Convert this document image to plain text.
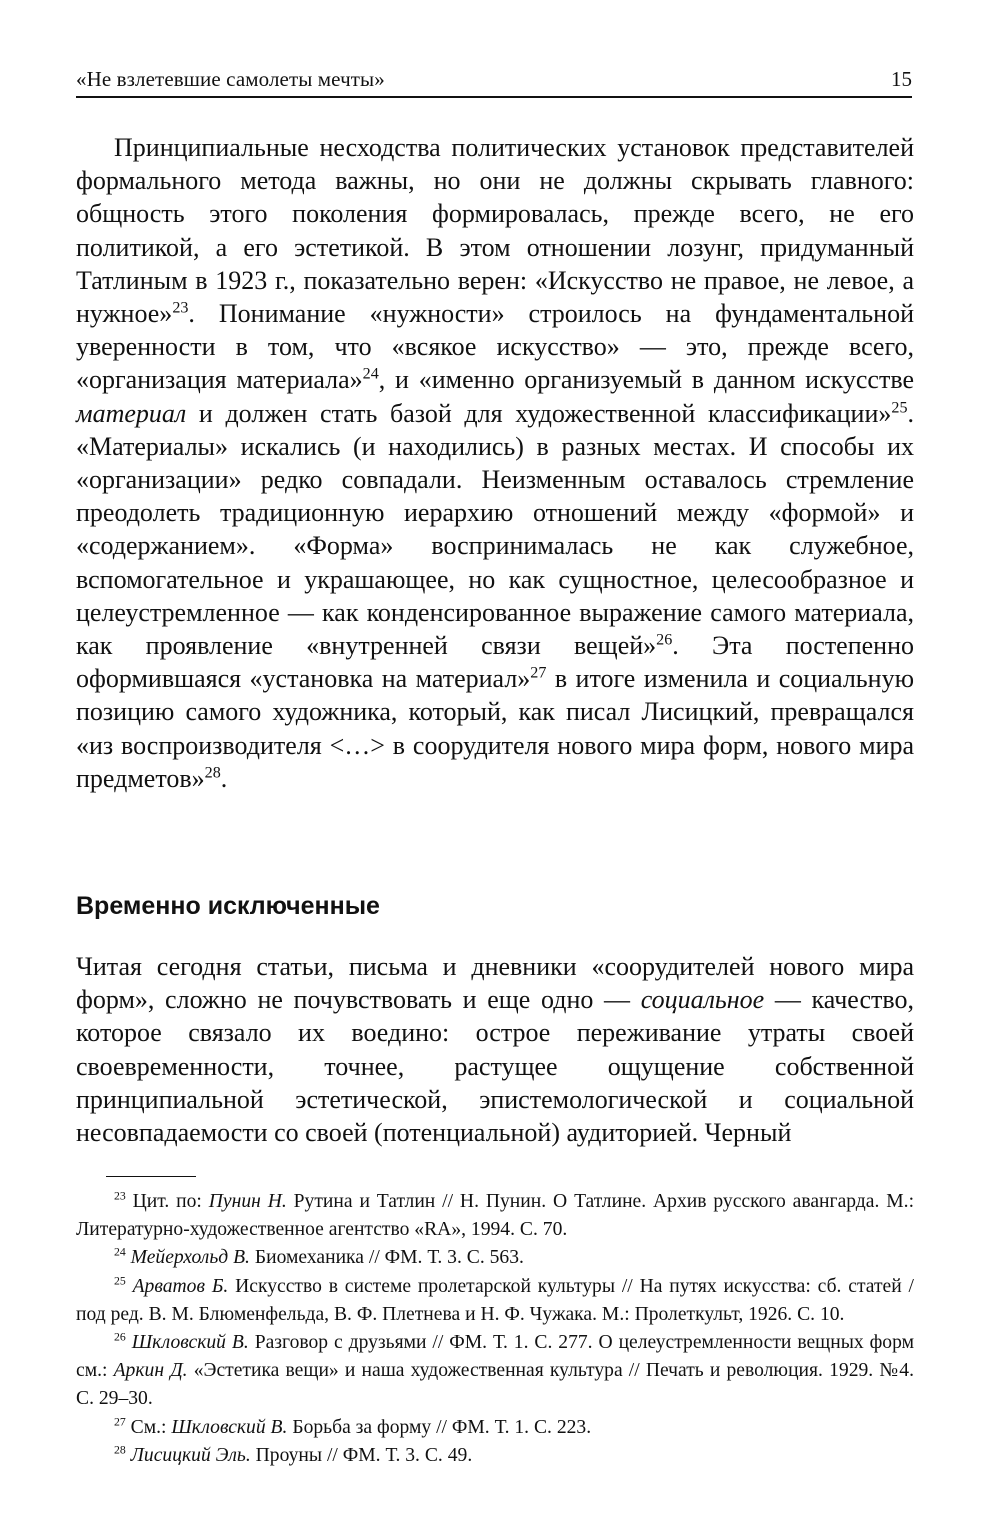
«Не взлетевшие самолеты мечты»	15

Принципиальные несходства политических установок представителей формального метода важны, но они не должны скрывать главного: общность этого поколения формировалась, прежде всего, не его политикой, а его эстетикой. В этом отношении лозунг, придуманный Татлиным в 1923 г., показательно верен: «Искусство не правое, не левое, а нужное»$^{23}$. Понимание «нужности» строилось на фундаментальной уверенности в том, что «всякое искусство» — это, прежде всего, «организация материала»$^{24}$, и «именно организуемый в данном искусстве материал и должен стать базой для художественной классификации»$^{25}$. «Материалы» искались (и находились) в разных местах. И способы их «организации» редко совпадали. Неизменным оставалось стремление преодолеть традиционную иерархию отношений между «формой» и «содержанием». «Форма» воспринималась не как служебное, вспомогательное и украшающее, но как сущностное, целесообразное и целеустремленное — как конденсированное выражение самого материала, как проявление «внутренней связи вещей»$^{26}$. Эта постепенно оформившаяся «установка на материал»$^{27}$ в итоге изменила и социальную позицию самого художника, который, как писал Лисицкий, превращался «из воспроизводителя <…> в соорудителя нового мира форм, нового мира предметов»$^{28}$.

Временно исключенные

Читая сегодня статьи, письма и дневники «соорудителей нового мира форм», сложно не почувствовать и еще одно — социальное — качество, которое связало их воедино: острое переживание утраты своей своевременности, точнее, растущее ощущение собственной принципиальной эстетической, эпистемологической и социальной несовпадаемости со своей (потенциальной) аудиторией. Черный

$^{23}$ Цит. по: Пунин Н. Рутина и Татлин // Н. Пунин. О Татлине. Архив русского авангарда. М.: Литературно-художественное агентство «RA», 1994. С. 70.

$^{24}$ Мейерхольд В. Биомеханика // ФМ. Т. 3. С. 563.

$^{25}$ Арватов Б. Искусство в системе пролетарской культуры // На путях искусства: сб. статей / под ред. В. М. Блюменфельда, В. Ф. Плетнева и Н. Ф. Чужака. М.: Пролеткульт, 1926. С. 10.

$^{26}$ Шкловский В. Разговор с друзьями // ФМ. Т. 1. С. 277. О целеустремленности вещных форм см.: Аркин Д. «Эстетика вещи» и наша художественная культура // Печать и революция. 1929. №4. С. 29–30.

$^{27}$ См.: Шкловский В. Борьба за форму // ФМ. Т. 1. С. 223.

$^{28}$ Лисицкий Эль. Проуны // ФМ. Т. 3. С. 49.
